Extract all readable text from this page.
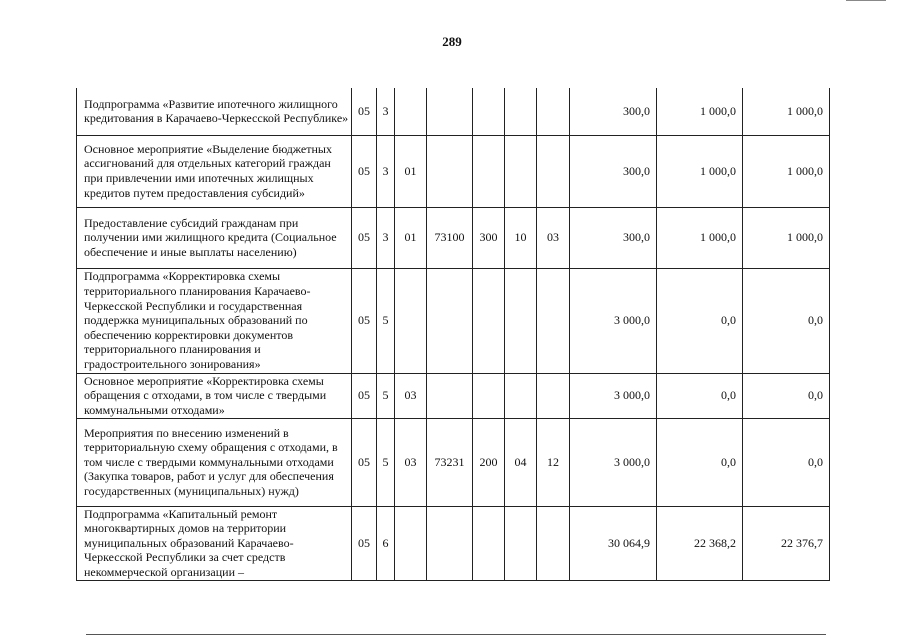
289
Подпрограмма «Развитие ипотечного жилищного кредитования в Карачаево-Черкесской Республике»	05	3						300,0	1 000,0	1 000,0
Основное мероприятие «Выделение бюджетных ассигнований для отдельных категорий граждан при привлечении ими ипотечных жилищных кредитов путем предоставления субсидий»	05	3	01					300,0	1 000,0	1 000,0
Предоставление субсидий гражданам при получении ими жилищного кредита (Социальное обеспечение и иные выплаты населению)	05	3	01	73100	300	10	03	300,0	1 000,0	1 000,0
Подпрограмма «Корректировка схемы территориального планирования Карачаево-Черкесской Республики и государственная поддержка муниципальных образований по обеспечению корректировки документов территориального планирования и градостроительного зонирования»	05	5						3 000,0	0,0	0,0
Основное мероприятие «Корректировка схемы обращения с отходами, в том числе с твердыми коммунальными отходами»	05	5	03					3 000,0	0,0	0,0
Мероприятия по внесению изменений в территориальную схему обращения с отходами, в том числе с твердыми коммунальными отходами (Закупка товаров, работ и услуг для обеспечения государственных (муниципальных) нужд)	05	5	03	73231	200	04	12	3 000,0	0,0	0,0
Подпрограмма «Капитальный ремонт многоквартирных домов на территории муниципальных образований Карачаево-Черкесской Республики за счет средств некоммерческой организации –	05	6						30 064,9	22 368,2	22 376,7
